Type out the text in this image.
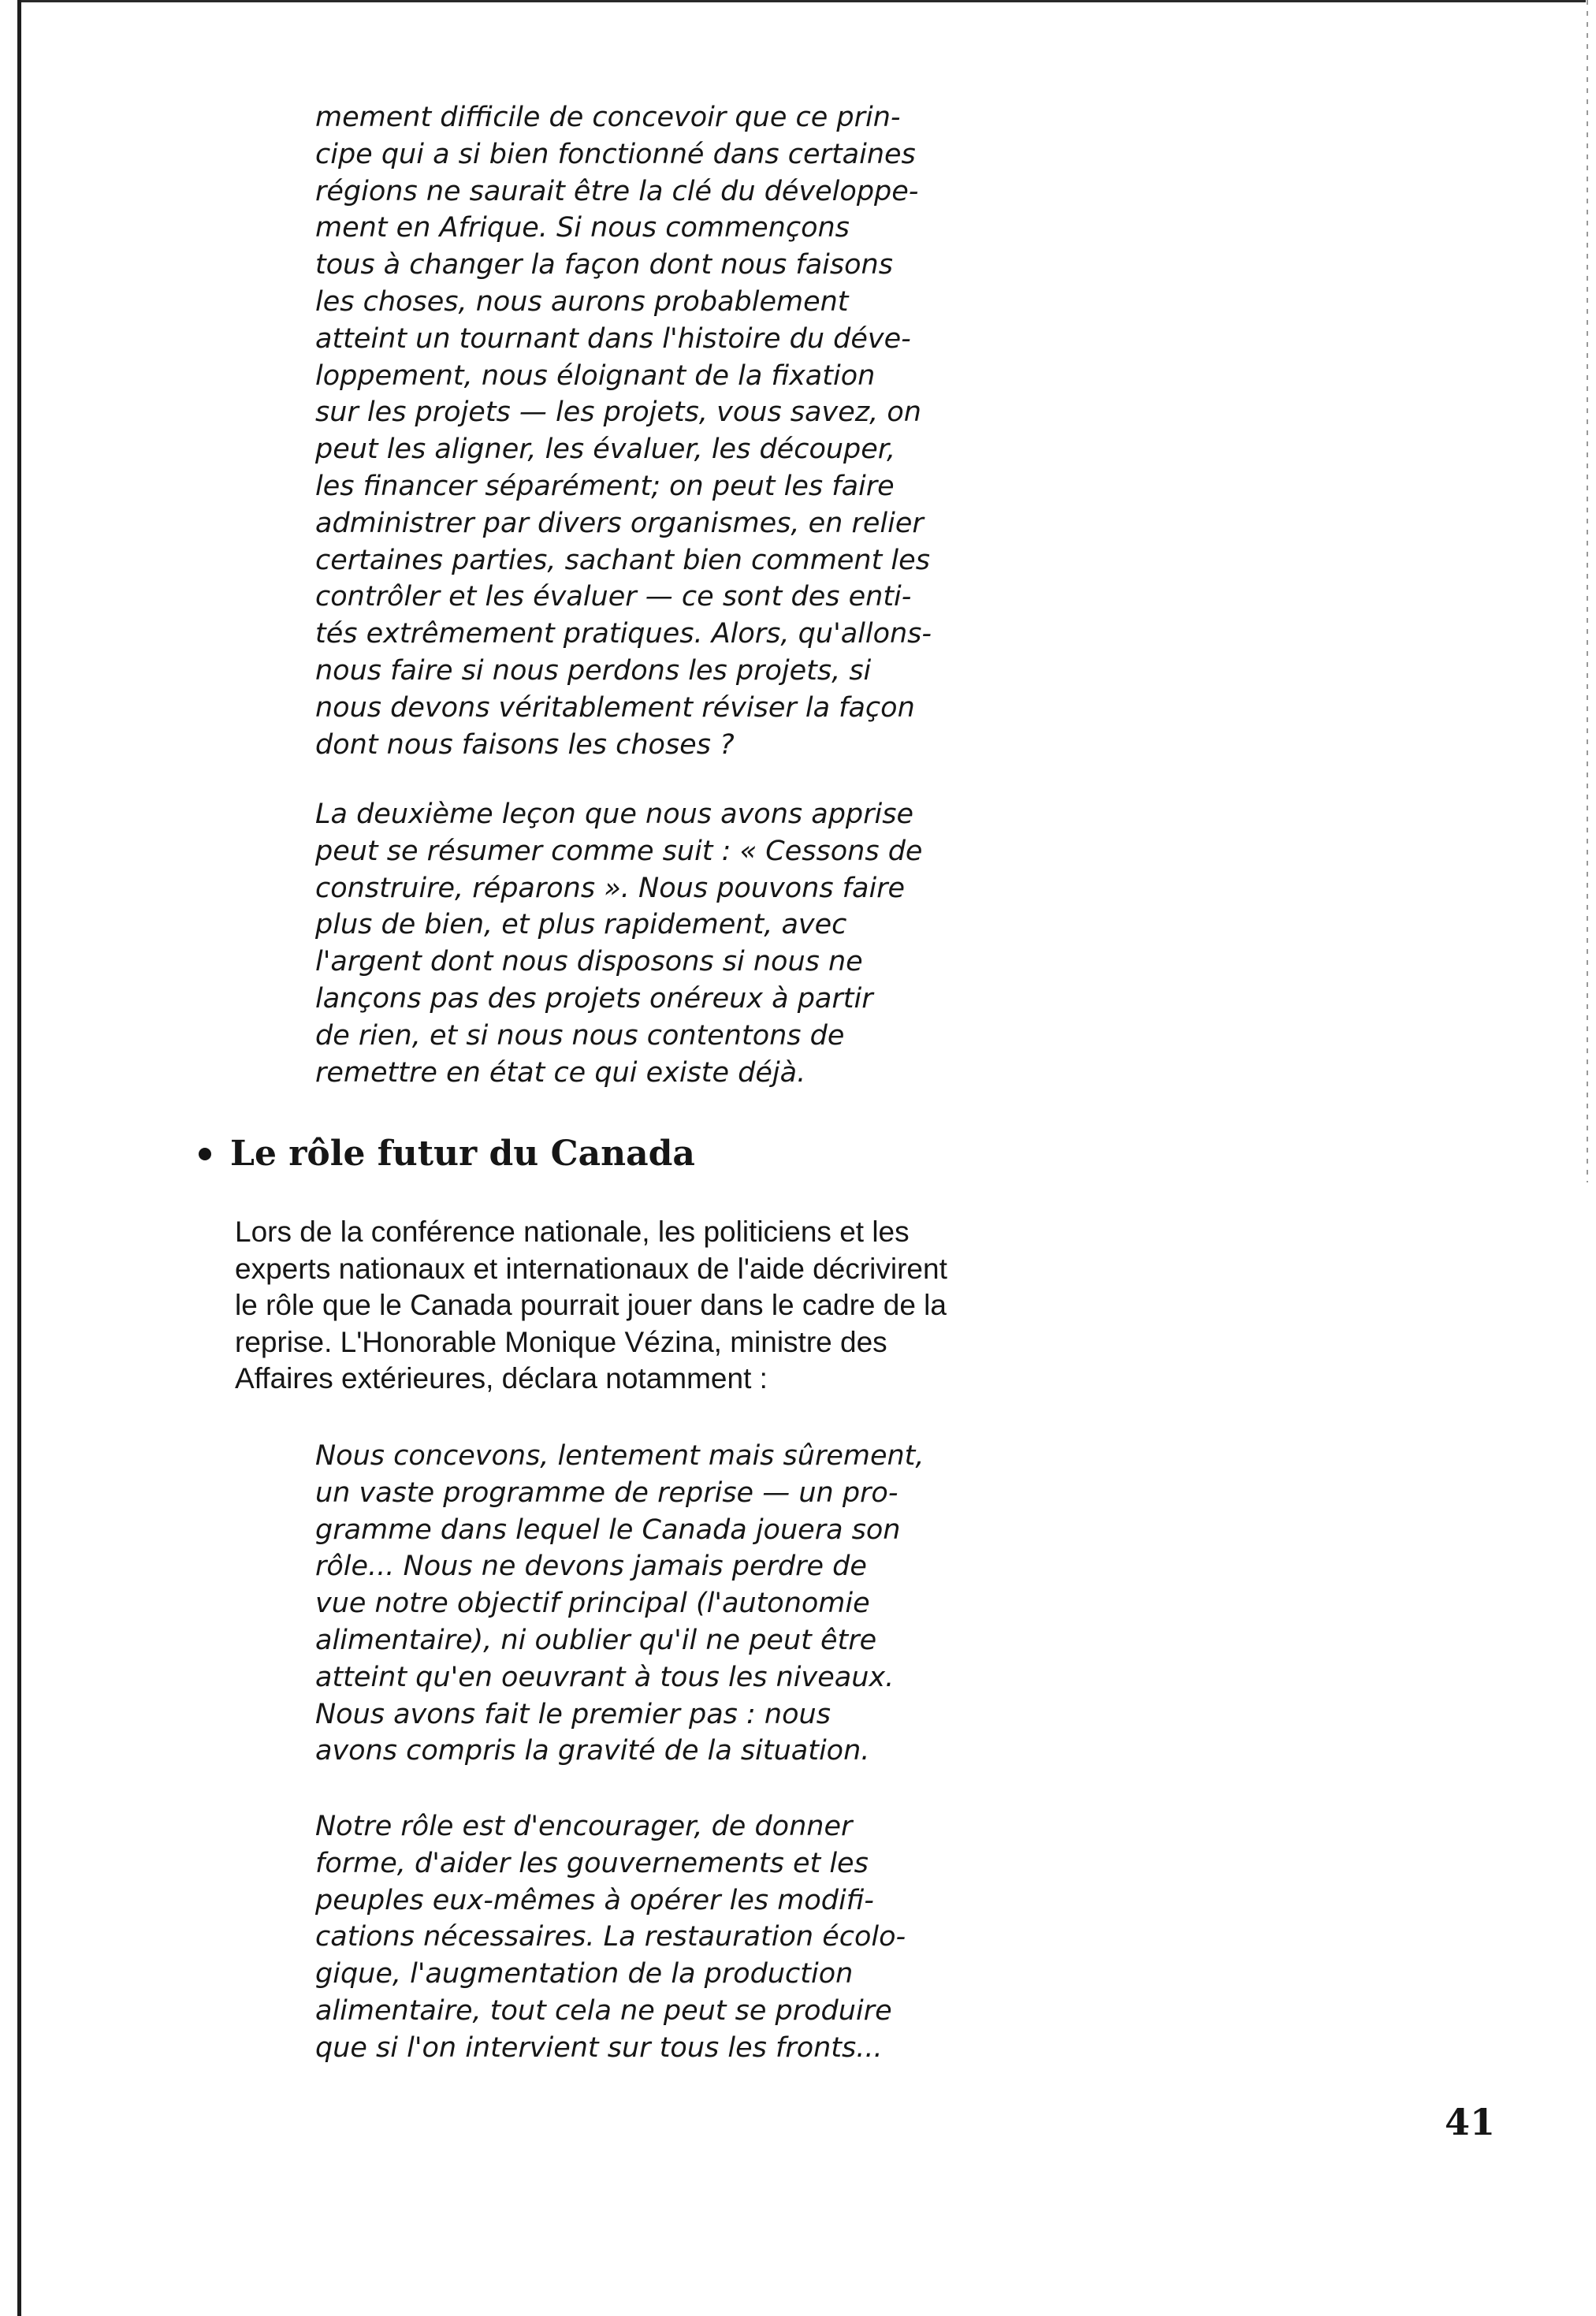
mement difficile de concevoir que ce prin-
cipe qui a si bien fonctionné dans certaines
régions ne saurait être la clé du développe-
ment en Afrique. Si nous commençons
tous à changer la façon dont nous faisons
les choses, nous aurons probablement
atteint un tournant dans l'histoire du déve-
loppement, nous éloignant de la fixation
sur les projets — les projets, vous savez, on
peut les aligner, les évaluer, les découper,
les financer séparément; on peut les faire
administrer par divers organismes, en relier
certaines parties, sachant bien comment les
contrôler et les évaluer — ce sont des enti-
tés extrêmement pratiques. Alors, qu'allons-
nous faire si nous perdons les projets, si
nous devons véritablement réviser la façon
dont nous faisons les choses ?

La deuxième leçon que nous avons apprise
peut se résumer comme suit : « Cessons de
construire, réparons ». Nous pouvons faire
plus de bien, et plus rapidement, avec
l'argent dont nous disposons si nous ne
lançons pas des projets onéreux à partir
de rien, et si nous nous contentons de
remettre en état ce qui existe déjà.

Le rôle futur du Canada

Lors de la conférence nationale, les politiciens et les
experts nationaux et internationaux de l'aide décrivirent
le rôle que le Canada pourrait jouer dans le cadre de la
reprise. L'Honorable Monique Vézina, ministre des
Affaires extérieures, déclara notamment :

Nous concevons, lentement mais sûrement,
un vaste programme de reprise — un pro-
gramme dans lequel le Canada jouera son
rôle... Nous ne devons jamais perdre de
vue notre objectif principal (l'autonomie
alimentaire), ni oublier qu'il ne peut être
atteint qu'en oeuvrant à tous les niveaux.
Nous avons fait le premier pas : nous
avons compris la gravité de la situation.

Notre rôle est d'encourager, de donner
forme, d'aider les gouvernements et les
peuples eux-mêmes à opérer les modifi-
cations nécessaires. La restauration écolo-
gique, l'augmentation de la production
alimentaire, tout cela ne peut se produire
que si l'on intervient sur tous les fronts...

41
